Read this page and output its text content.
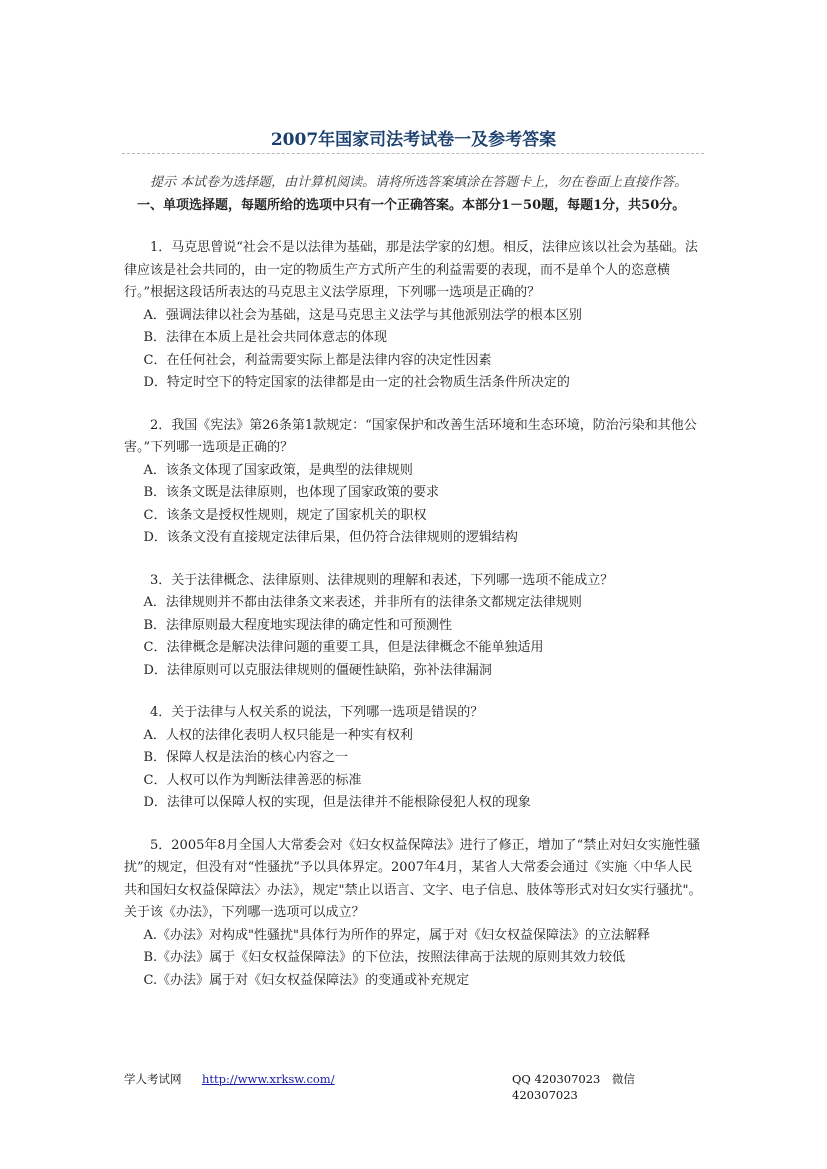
2007年国家司法考试卷一及参考答案

提示 本试卷为选择题，由计算机阅读。请将所选答案填涂在答题卡上，勿在卷面上直接作答。

一、单项选择题，每题所给的选项中只有一个正确答案。本部分1－50题，每题1分，共50分。

1．马克思曾说“社会不是以法律为基础，那是法学家的幻想。相反，法律应该以社会为基础。法律应该是社会共同的，由一定的物质生产方式所产生的利益需要的表现，而不是单个人的恣意横行。”根据这段话所表达的马克思主义法学原理，下列哪一选项是正确的？

A．强调法律以社会为基础，这是马克思主义法学与其他派别法学的根本区别

B．法律在本质上是社会共同体意志的体现

C．在任何社会，利益需要实际上都是法律内容的决定性因素

D．特定时空下的特定国家的法律都是由一定的社会物质生活条件所决定的

2．我国《宪法》第26条第1款规定：“国家保护和改善生活环境和生态环境，防治污染和其他公害。”下列哪一选项是正确的？

A．该条文体现了国家政策，是典型的法律规则

B．该条文既是法律原则，也体现了国家政策的要求

C．该条文是授权性规则，规定了国家机关的职权

D．该条文没有直接规定法律后果，但仍符合法律规则的逻辑结构

3．关于法律概念、法律原则、法律规则的理解和表述，下列哪一选项不能成立？

A．法律规则并不都由法律条文来表述，并非所有的法律条文都规定法律规则

B．法律原则最大程度地实现法律的确定性和可预测性

C．法律概念是解决法律问题的重要工具，但是法律概念不能单独适用

D．法律原则可以克服法律规则的僵硬性缺陷，弥补法律漏洞

4．关于法律与人权关系的说法，下列哪一选项是错误的？

A．人权的法律化表明人权只能是一种实有权利

B．保障人权是法治的核心内容之一

C．人权可以作为判断法律善恶的标准

D．法律可以保障人权的实现，但是法律并不能根除侵犯人权的现象

5．2005年8月全国人大常委会对《妇女权益保障法》进行了修正，增加了“禁止对妇女实施性骚扰”的规定，但没有对“性骚扰”予以具体界定。2007年4月，某省人大常委会通过《实施〈中华人民共和国妇女权益保障法〉办法》，规定"禁止以语言、文字、电子信息、肢体等形式对妇女实行骚扰"。关于该《办法》，下列哪一选项可以成立？

A.《办法》对构成"性骚扰"具体行为所作的界定，属于对《妇女权益保障法》的立法解释

B.《办法》属于《妇女权益保障法》的下位法，按照法律高于法规的原则其效力较低

C.《办法》属于对《妇女权益保障法》的变通或补充规定

学人考试网 http://www.xrksw.com/	QQ 420307023　微信 420307023
